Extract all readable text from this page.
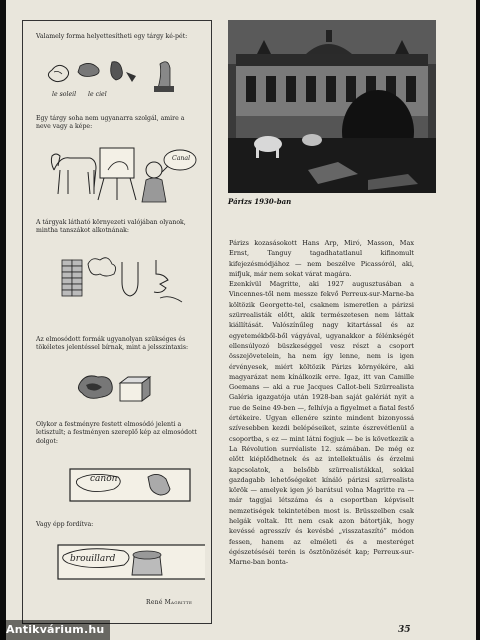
Valamely forma helyettesítheti egy tárgy ké-pét:
le soleil	le ciel
Egy tárgy soha nem ugyanarra szolgál, amire a neve vagy a képe:
Canal
A tárgyak látható környezeti valójában olyanok, mintha tanszákot alkotnának:
Az elmosódott formák ugyanolyan szükséges és tökéletes jelentéssel bírnak, mint a jelsszintaxis:
Olykor a festményre festett elmosódó jelenti a letisztult; a festményen szereplő kép az elmosódott dolgot:
canon
Vagy épp fordítva:
brouillard
René Magritte
Párizs 1930-ban

Párizs kozasásokott Hans Arp, Miró, Masson, Max Ernst, Tanguy tagadhatatlanul kifinomult kifejezésmódjához — nem beszélve Picassóról, aki, mifjuk, már nem sokat várat magára.

Ezenkívül Magritte, aki 1927 augusztusában a Vincennes-től nem messze fekvő Perreux-sur-Marne-ba költözik Georgette-tel, csaknem ismeretlen a párizsi szürrealisták előtt, akik természetesen nem láttak kiállítását. Valószínűleg nagy kitartással és az egyetemékből-ből vágyával, ugyanakkor a félénkségét ellensúlyozó büszkeséggel vesz részt a csoport összejövetelein, ha nem így lenne, nem is igen érvényesek, miért költözik Párizs környékére, aki magyarázat nem kínálkozik erre. Igaz, itt van Camille Goemans — aki a rue Jacques Callot-beli Szürrealista Galéria igazgatója után 1928-ban saját galériát nyit a rue de Seine 49-ben —, felhívja a figyelmet a fiatal festő értékeire. Ugyan ellenére szinte mindent bizonyossá szívesebben kezdi belépéseiket, szinte észrevétlenül a csoportba, s ez — mint látni fogjuk — be is következik a La Révolution surréaliste 12. számában. De még ez előtt kiéplődhetnek és az intellektuális és érzelmi kapcsolatok, a belsőbb szürrealistákkal, sokkal gazdagabb lehetőségeket kínáló párizsi szürrealista körök — amelyek igen jó barátsul volna Magritte ra — már taggjai létszáma és a csoportban képviselt nemzetiségek tekintetében most is. Brüsszelben csak helgák voltak. Itt nem csak azon bátortják, hogy kevéssé agresszív és kevésbé „visszataszító” módon fessen, hanem az elméleti és a mesteréget égészetéséséi terén is ösztönözését kap; Perreux-sur-Marne-ban bonta-

35
Antikvárium.hu
